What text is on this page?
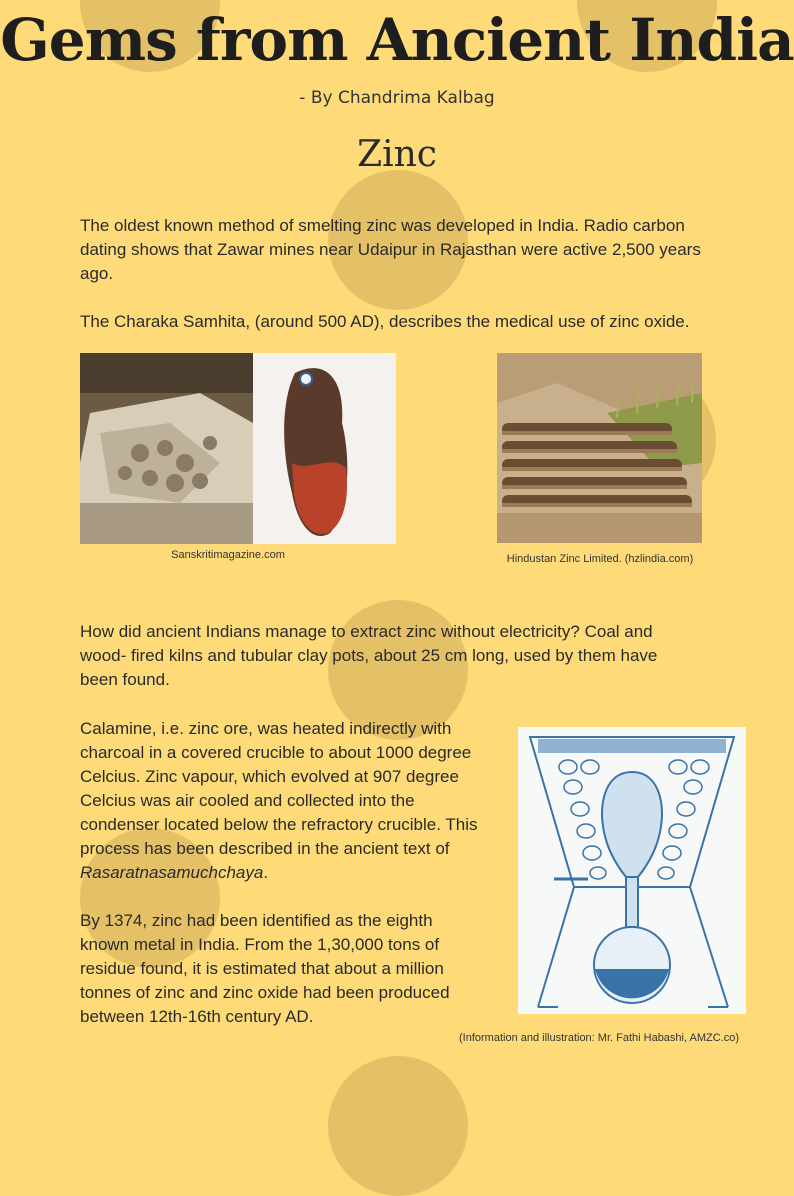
Gems from Ancient India
- By Chandrima Kalbag
Zinc

The oldest known method of smelting zinc was developed in India. Radio carbon dating shows that Zawar mines near Udaipur in Rajasthan were active 2,500 years ago.

The Charaka Samhita, (around 500 AD), describes the medical use of zinc oxide.

Sanskritimagazine.com	Hindustan Zinc Limited. (hzlindia.com)

How did ancient Indians manage to extract zinc without electricity? Coal and wood- fired kilns and tubular clay pots, about 25 cm long, used by them have been found.

Calamine, i.e. zinc ore, was heated indirectly with charcoal in a covered crucible to about 1000 degree Celcius. Zinc vapour, which evolved at 907 degree Celcius was air cooled and collected into the condenser located below the refractory crucible. This process has been described in the ancient text of Rasaratnasamuchchaya.

By 1374, zinc had been identified as the eighth known metal in India. From the 1,30,000 tons of residue found, it is estimated that about a million tonnes of zinc and zinc oxide had been produced between 12th-16th century AD.

(Information and illustration: Mr. Fathi Habashi, AMZC.co)
